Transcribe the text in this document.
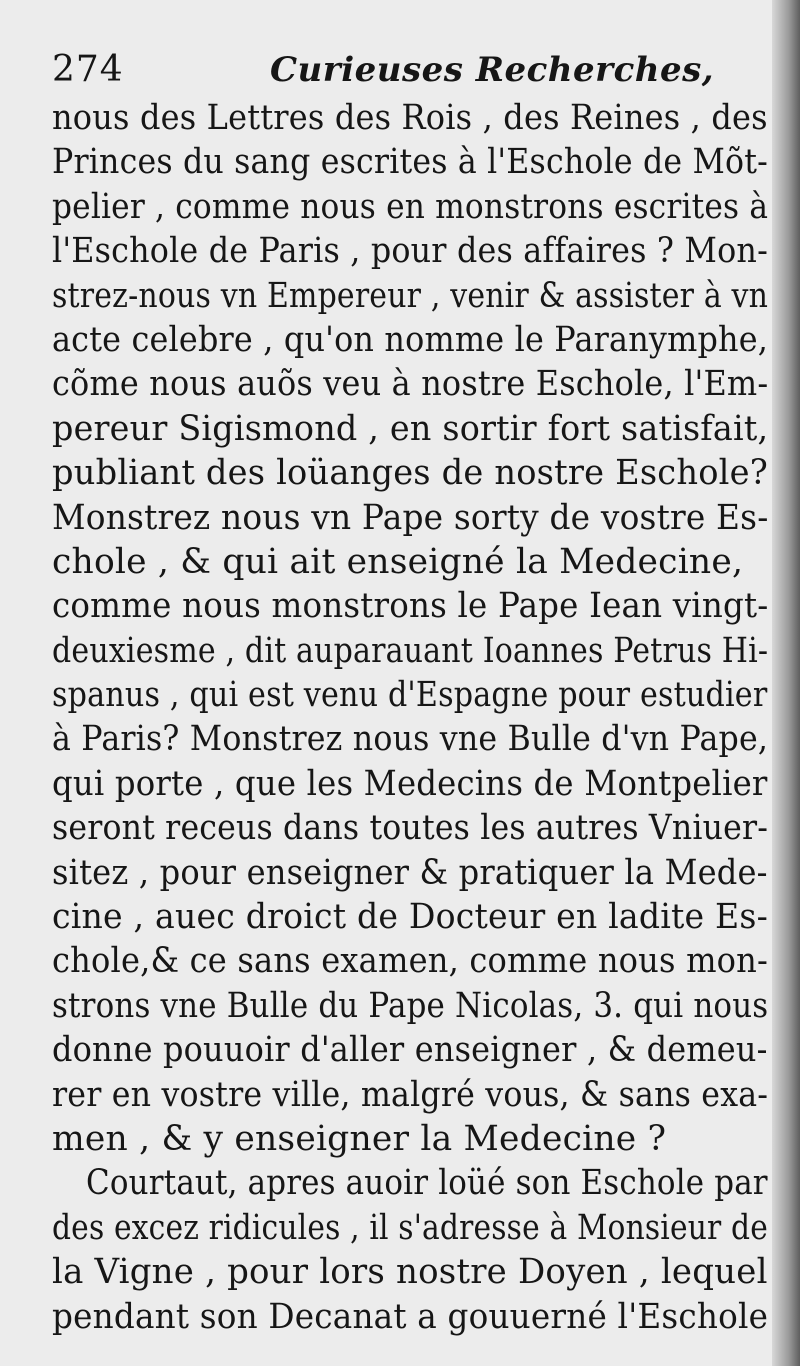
274	Curieuses Recherches,
nous des Lettres des Rois , des Reines , des
Princes du sang escrites à l'Eschole de Mõt-
pelier , comme nous en monstrons escrites à
l'Eschole de Paris , pour des affaires ? Mon-
strez-nous vn Empereur , venir & assister à vn
acte celebre , qu'on nomme le Paranymphe,
cõme nous auõs veu à nostre Eschole, l'Em-
pereur Sigismond , en sortir fort satisfait,
publiant des loüanges de nostre Eschole?
Monstrez nous vn Pape sorty de vostre Es-
chole , & qui ait enseigné la Medecine,
comme nous monstrons le Pape Iean vingt-
deuxiesme , dit auparauant Ioannes Petrus Hi-
spanus , qui est venu d'Espagne pour estudier
à Paris? Monstrez nous vne Bulle d'vn Pape,
qui porte , que les Medecins de Montpelier
seront receus dans toutes les autres Vniuer-
sitez , pour enseigner & pratiquer la Mede-
cine , auec droict de Docteur en ladite Es-
chole,& ce sans examen, comme nous mon-
strons vne Bulle du Pape Nicolas, 3. qui nous
donne pouuoir d'aller enseigner , & demeu-
rer en vostre ville, malgré vous, & sans exa-
men , & y enseigner la Medecine ?
Courtaut, apres auoir loüé son Eschole par
des excez ridicules , il s'adresse à Monsieur de
la Vigne , pour lors nostre Doyen , lequel
pendant son Decanat a gouuerné l'Eschole
